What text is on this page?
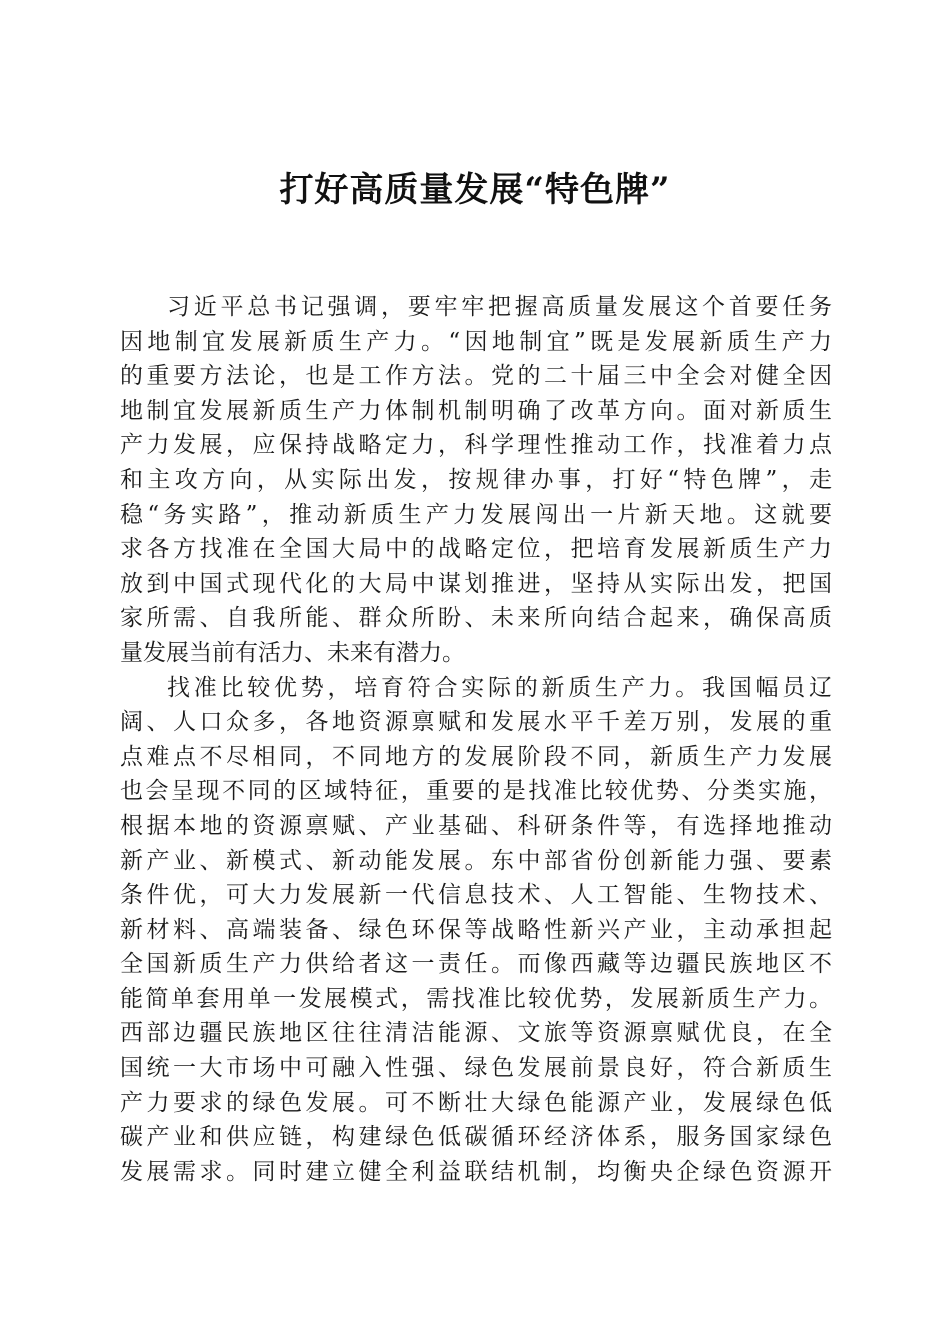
打好高质量发展“特色牌”
习近平总书记强调，要牢牢把握高质量发展这个首要任务
因地制宜发展新质生产力。“因地制宜”既是发展新质生产力
的重要方法论，也是工作方法。党的二十届三中全会对健全因
地制宜发展新质生产力体制机制明确了改革方向。面对新质生
产力发展，应保持战略定力，科学理性推动工作，找准着力点
和主攻方向，从实际出发，按规律办事，打好“特色牌”，走
稳“务实路”，推动新质生产力发展闯出一片新天地。这就要
求各方找准在全国大局中的战略定位，把培育发展新质生产力
放到中国式现代化的大局中谋划推进，坚持从实际出发，把国
家所需、自我所能、群众所盼、未来所向结合起来，确保高质
量发展当前有活力、未来有潜力。
找准比较优势，培育符合实际的新质生产力。我国幅员辽
阔、人口众多，各地资源禀赋和发展水平千差万别，发展的重
点难点不尽相同，不同地方的发展阶段不同，新质生产力发展
也会呈现不同的区域特征，重要的是找准比较优势、分类实施，
根据本地的资源禀赋、产业基础、科研条件等，有选择地推动
新产业、新模式、新动能发展。东中部省份创新能力强、要素
条件优，可大力发展新一代信息技术、人工智能、生物技术、
新材料、高端装备、绿色环保等战略性新兴产业，主动承担起
全国新质生产力供给者这一责任。而像西藏等边疆民族地区不
能简单套用单一发展模式，需找准比较优势，发展新质生产力。
西部边疆民族地区往往清洁能源、文旅等资源禀赋优良，在全
国统一大市场中可融入性强、绿色发展前景良好，符合新质生
产力要求的绿色发展。可不断壮大绿色能源产业，发展绿色低
碳产业和供应链，构建绿色低碳循环经济体系，服务国家绿色
发展需求。同时建立健全利益联结机制，均衡央企绿色资源开
